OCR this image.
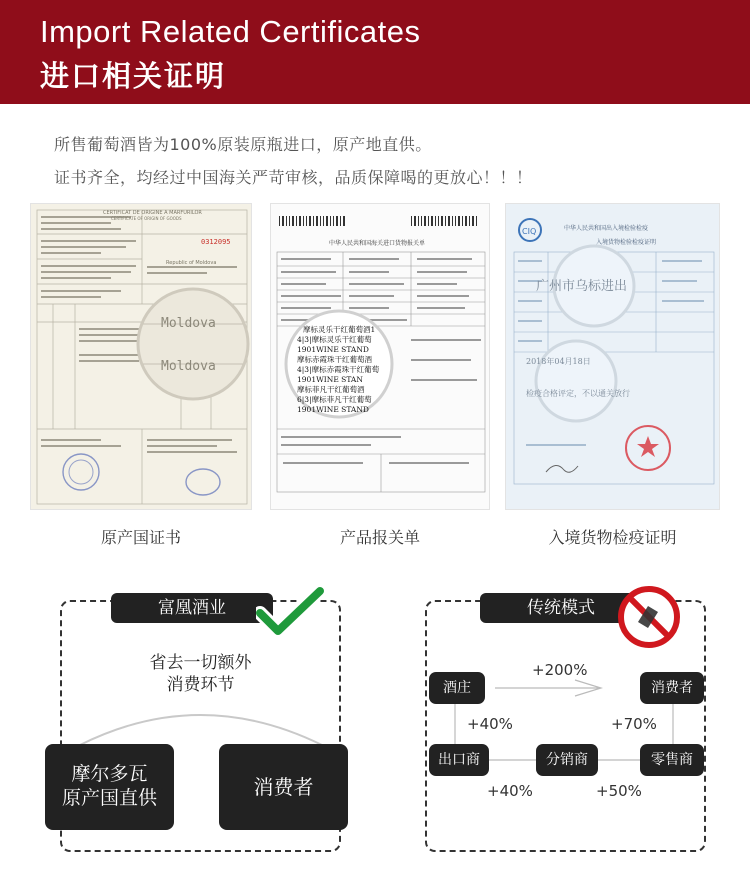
Import Related Certificates
进口相关证明
所售葡萄酒皆为100%原装原瓶进口，原产地直供。
证书齐全，均经过中国海关严苛审核，品质保障喝的更放心！！！
CERTIFICAT DE ORIGINE A MARFURILOR
CERTIFICATE OF ORIGIN OF GOODS
0312095
Republic of Moldova
Moldova
Moldova
中华人民共和国海关进口货物报关单
摩标灵乐干红葡萄酒1
4|3|摩标灵乐干红葡萄
1901WINE STAND
摩标赤霞珠干红葡萄酒
4|3|摩标赤霞珠干红葡萄
1901WINE STAN
摩标菲凡干红葡萄酒
6|3|摩标菲凡干红葡萄
1901WINE STAND
CIQ	中华人民共和国出入境检验检疫
入境货物检验检疫证明
广州市乌标进出
2018年04月18日
检疫合格评定，不以通关放行
原产国证书	产品报关单	入境货物检疫证明
富凰酒业
省去一切额外
消费环节
摩尔多瓦
原产国直供	消费者
传统模式
酒庄	消费者
出口商	分销商	零售商
+200%
+40%	+70%
+40%	+50%
